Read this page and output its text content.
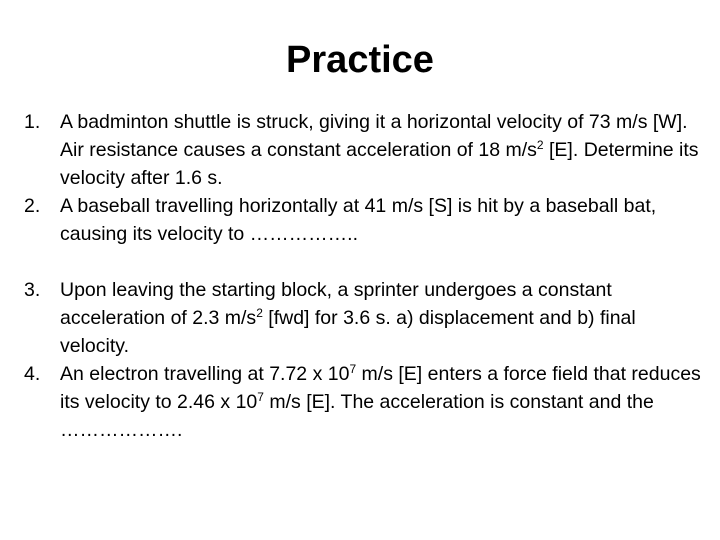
Practice
1. A badminton shuttle is struck, giving it a horizontal velocity of 73 m/s [W]. Air resistance causes a constant acceleration of 18 $m/s^2$ [E]. Determine its velocity after 1.6 s.
2. A baseball travelling horizontally at 41 m/s [S] is hit by a baseball bat, causing its velocity to ……………..
3. Upon leaving the starting block, a sprinter undergoes a constant acceleration of 2.3 $m/s^2$ [fwd] for 3.6 s. a) displacement and b) final velocity.
4. An electron travelling at 7.72 x $10^7$ m/s [E] enters a force field that reduces its velocity to 2.46 x $10^7$ m/s [E]. The acceleration is constant and the ……………….
